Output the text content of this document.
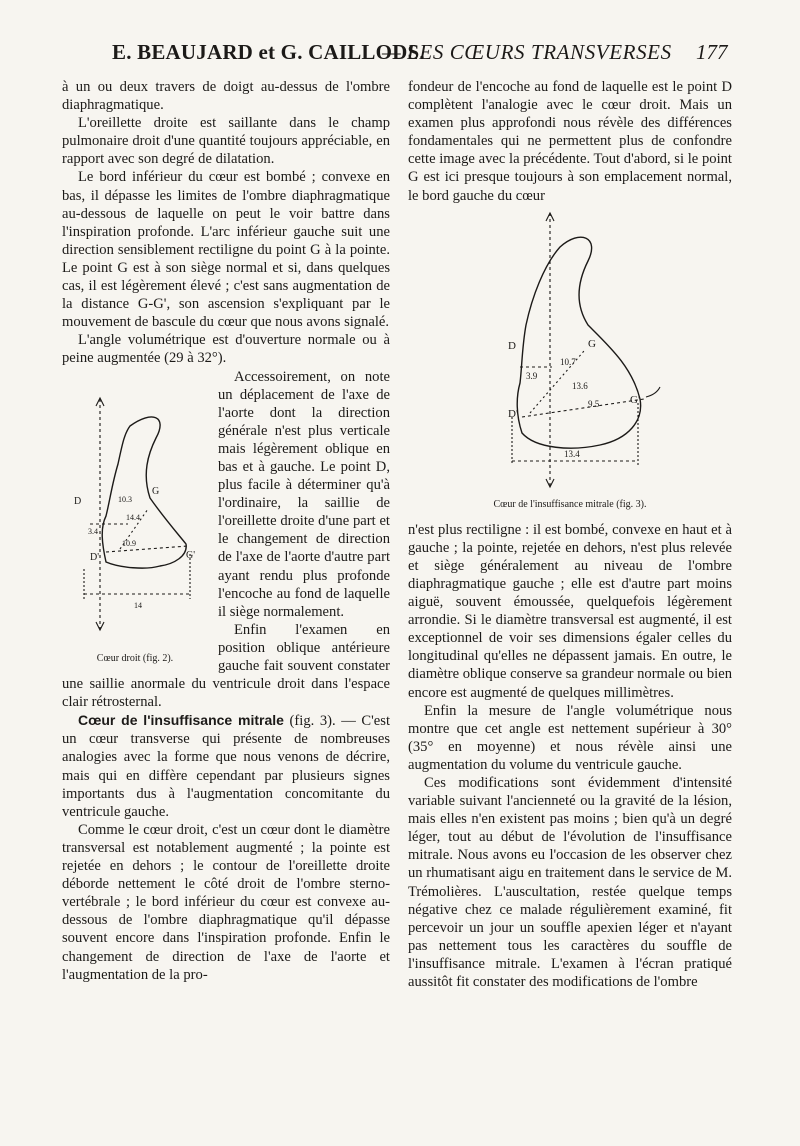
E. BEAUJARD et G. CAILLODS.
— LES CŒURS TRANSVERSES 177

à un ou deux travers de doigt au-dessus de l'ombre diaphragmatique.

L'oreillette droite est saillante dans le champ pulmonaire droit d'une quantité toujours appréciable, en rapport avec son degré de dilatation.

Le bord inférieur du cœur est bombé ; convexe en bas, il dépasse les limites de l'ombre diaphragmatique au-dessous de laquelle on peut le voir battre dans l'inspiration profonde. L'arc inférieur gauche suit une direction sensiblement rectiligne du point G à la pointe. Le point G est à son siège normal et si, dans quelques cas, il est légèrement élevé ; c'est sans augmentation de la distance G-G', son ascension s'expliquant par le mouvement de bascule du cœur que nous avons signalé.

L'angle volumétrique est d'ouverture normale ou à peine augmentée (29 à 32°).

D
G
D'	G'
3.4
14.4
10.3
10.9
14
Cœur droit (fig. 2).

Accessoirement, on note un déplacement de l'axe de l'aorte dont la direction générale n'est plus verticale mais légèrement oblique en bas et à gauche. Le point D, plus facile à déterminer qu'à l'ordinaire, la saillie de l'oreillette droite d'une part et le changement de direction de l'axe de l'aorte d'autre part ayant rendu plus profonde l'encoche au fond de laquelle il siège normalement.

Enfin l'examen en position oblique antérieure gauche fait souvent constater une saillie anormale du ventricule droit dans l'espace clair rétrosternal.

Cœur de l'insuffisance mitrale (fig. 3). — C'est un cœur transverse qui présente de nombreuses analogies avec la forme que nous venons de décrire, mais qui en diffère cependant par plusieurs signes importants dus à l'augmentation concomitante du ventricule gauche.

Comme le cœur droit, c'est un cœur dont le diamètre transversal est notablement augmenté ; la pointe est rejetée en dehors ; le contour de l'oreillette droite déborde nettement le côté droit de l'ombre sterno-vertébrale ; le bord inférieur du cœur est convexe au-dessous de l'ombre diaphragmatique qu'il dépasse souvent encore dans l'inspiration profonde. Enfin le changement de direction de l'axe de l'aorte et l'augmentation de la pro-

fondeur de l'encoche au fond de laquelle est le point D complètent l'analogie avec le cœur droit. Mais un examen plus approfondi nous révèle des différences fondamentales qui ne permettent plus de confondre cette image avec la précédente. Tout d'abord, si le point G est ici presque toujours à son emplacement normal, le bord gauche du cœur

D	G
D'
G'
3.9
10.7
13.6
9.5
13.4
Cœur de l'insuffisance mitrale (fig. 3).

n'est plus rectiligne : il est bombé, convexe en haut et à gauche ; la pointe, rejetée en dehors, n'est plus relevée et siège généralement au niveau de l'ombre diaphragmatique gauche ; elle est d'autre part moins aiguë, souvent émoussée, quelquefois légèrement arrondie. Si le diamètre transversal est augmenté, il est exceptionnel de voir ses dimensions égaler celles du longitudinal qu'elles ne dépassent jamais. En outre, le diamètre oblique conserve sa grandeur normale ou bien encore est augmenté de quelques millimètres.

Enfin la mesure de l'angle volumétrique nous montre que cet angle est nettement supérieur à 30° (35° en moyenne) et nous révèle ainsi une augmentation du volume du ventricule gauche.

Ces modifications sont évidemment d'intensité variable suivant l'ancienneté ou la gravité de la lésion, mais elles n'en existent pas moins ; bien qu'à un degré léger, tout au début de l'évolution de l'insuffisance mitrale. Nous avons eu l'occasion de les observer chez un rhumatisant aigu en traitement dans le service de M. Trémolières. L'auscultation, restée quelque temps négative chez ce malade régulièrement examiné, fit percevoir un jour un souffle apexien léger et n'ayant pas nettement tous les caractères du souffle de l'insuffisance mitrale. L'examen à l'écran pratiqué aussitôt fit constater des modifications de l'ombre
